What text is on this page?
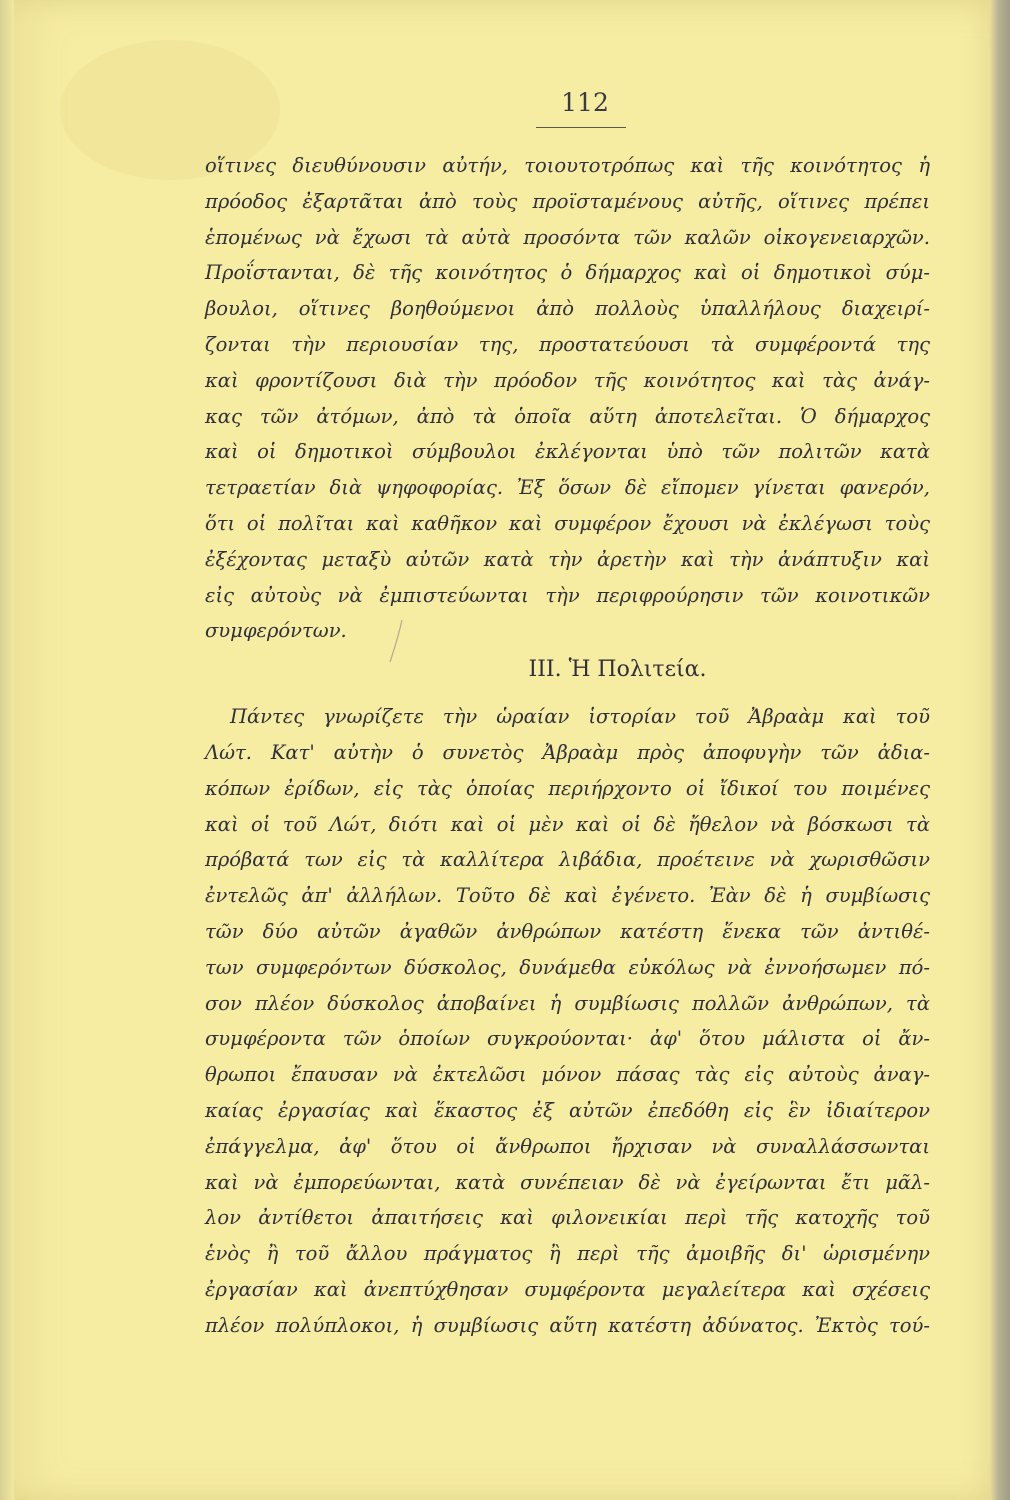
112
οἵτινες διευθύνουσιν αὐτήν, τοιουτοτρόπως καὶ τῆς κοινότητος ἡ
πρόοδος ἐξαρτᾶται ἀπὸ τοὺς προϊσταμένους αὐτῆς, οἵτινες πρέπει
ἑπομένως νὰ ἔχωσι τὰ αὐτὰ προσόντα τῶν καλῶν οἰκογενειαρχῶν.
Προΐστανται, δὲ τῆς κοινότητος ὁ δήμαρχος καὶ οἱ δημοτικοὶ σύμ-
βουλοι, οἵτινες βοηθούμενοι ἀπὸ πολλοὺς ὑπαλλήλους διαχειρί-
ζονται τὴν περιουσίαν της, προστατεύουσι τὰ συμφέροντά της
καὶ φροντίζουσι διὰ τὴν πρόοδον τῆς κοινότητος καὶ τὰς ἀνάγ-
κας τῶν ἀτόμων, ἀπὸ τὰ ὁποῖα αὕτη ἀποτελεῖται. Ὁ δήμαρχος
καὶ οἱ δημοτικοὶ σύμβουλοι ἐκλέγονται ὑπὸ τῶν πολιτῶν κατὰ
τετραετίαν διὰ ψηφοφορίας. Ἐξ ὅσων δὲ εἴπομεν γίνεται φανερόν,
ὅτι οἱ πολῖται καὶ καθῆκον καὶ συμφέρον ἔχουσι νὰ ἐκλέγωσι τοὺς
ἐξέχοντας μεταξὺ αὐτῶν κατὰ τὴν ἀρετὴν καὶ τὴν ἀνάπτυξιν καὶ
εἰς αὐτοὺς νὰ ἐμπιστεύωνται τὴν περιφρούρησιν τῶν κοινοτικῶν
συμφερόντων.
III. Ἡ Πολιτεία.
Πάντες γνωρίζετε τὴν ὡραίαν ἱστορίαν τοῦ Ἀβραὰμ καὶ τοῦ
Λώτ. Κατ' αὐτὴν ὁ συνετὸς Ἀβραὰμ πρὸς ἀποφυγὴν τῶν ἀδια-
κόπων ἐρίδων, εἰς τὰς ὁποίας περιήρχοντο οἱ ἴδικοί του ποιμένες
καὶ οἱ τοῦ Λώτ, διότι καὶ οἱ μὲν καὶ οἱ δὲ ἤθελον νὰ βόσκωσι τὰ
πρόβατά των εἰς τὰ καλλίτερα λιβάδια, προέτεινε νὰ χωρισθῶσιν
ἐντελῶς ἀπ' ἀλλήλων. Τοῦτο δὲ καὶ ἐγένετο. Ἐὰν δὲ ἡ συμβίωσις
τῶν δύο αὐτῶν ἀγαθῶν ἀνθρώπων κατέστη ἕνεκα τῶν ἀντιθέ-
των συμφερόντων δύσκολος, δυνάμεθα εὐκόλως νὰ ἐννοήσωμεν πό-
σον πλέον δύσκολος ἀποβαίνει ἡ συμβίωσις πολλῶν ἀνθρώπων, τὰ
συμφέροντα τῶν ὁποίων συγκρούονται· ἀφ' ὅτου μάλιστα οἱ ἄν-
θρωποι ἔπαυσαν νὰ ἐκτελῶσι μόνον πάσας τὰς εἰς αὐτοὺς ἀναγ-
καίας ἐργασίας καὶ ἕκαστος ἐξ αὐτῶν ἐπεδόθη εἰς ἓν ἰδιαίτερον
ἐπάγγελμα, ἀφ' ὅτου οἱ ἄνθρωποι ἤρχισαν νὰ συναλλάσσωνται
καὶ νὰ ἐμπορεύωνται, κατὰ συνέπειαν δὲ νὰ ἐγείρωνται ἔτι μᾶλ-
λον ἀντίθετοι ἀπαιτήσεις καὶ φιλονεικίαι περὶ τῆς κατοχῆς τοῦ
ἑνὸς ἢ τοῦ ἄλλου πράγματος ἢ περὶ τῆς ἀμοιβῆς δι' ὡρισμένην
ἐργασίαν καὶ ἀνεπτύχθησαν συμφέροντα μεγαλείτερα καὶ σχέσεις
πλέον πολύπλοκοι, ἡ συμβίωσις αὕτη κατέστη ἀδύνατος. Ἐκτὸς τού-
